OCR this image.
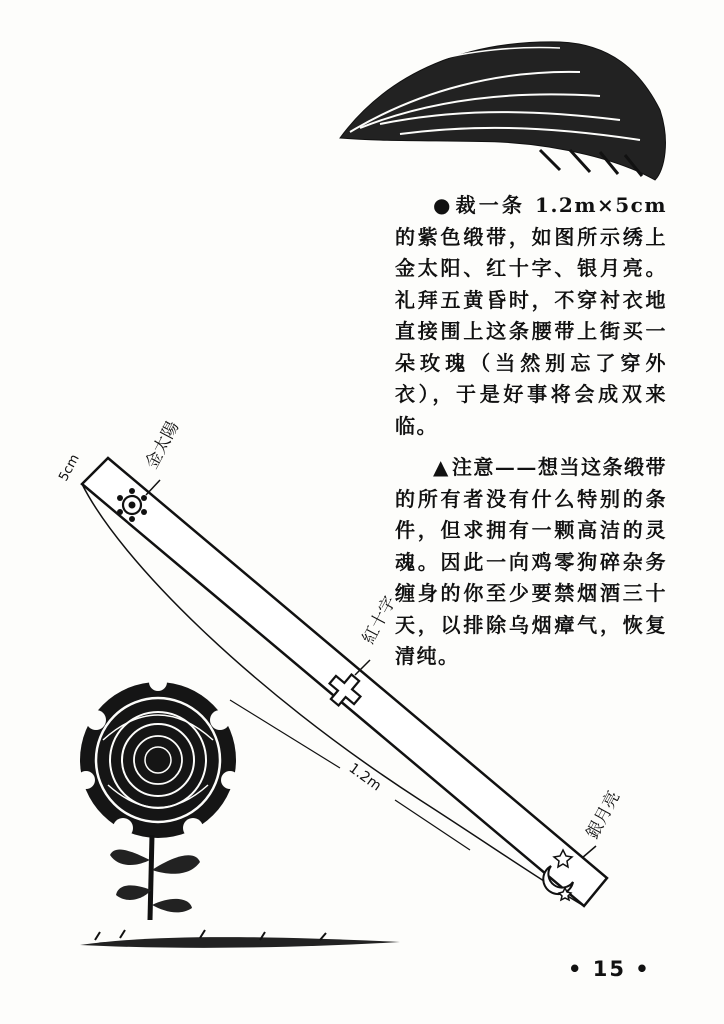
5cm	金太陽
紅十字
1.2m
銀月亮

● 裁一条 1.2m×5cm 的紫色缎带，如图所示绣上金太阳、红十字、银月亮。礼拜五黄昏时，不穿衬衣地直接围上这条腰带上街买一朵玫瑰（当然别忘了穿外衣），于是好事将会成双来临。

▲ 注意——想当这条缎带的所有者没有什么特别的条件，但求拥有一颗高洁的灵魂。因此一向鸡零狗碎杂务缠身的你至少要禁烟酒三十天，以排除乌烟瘴气，恢复清纯。

• 15 •
